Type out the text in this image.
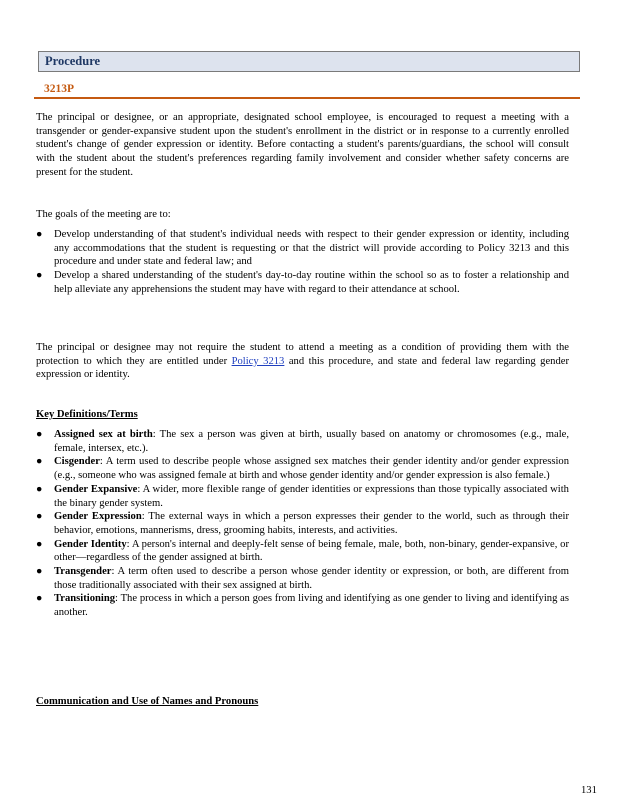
Procedure
3213P

The principal or designee, or an appropriate, designated school employee, is encouraged to request a meeting with a transgender or gender-expansive student upon the student's enrollment in the district or in response to a currently enrolled student's change of gender expression or identity. Before contacting a student's parents/guardians, the school will consult with the student about the student's preferences regarding family involvement and consider whether safety concerns are present for the student.

The goals of the meeting are to:

● Develop understanding of that student's individual needs with respect to their gender expression or identity, including any accommodations that the student is requesting or that the district will provide according to Policy 3213 and this procedure and under state and federal law; and
● Develop a shared understanding of the student's day-to-day routine within the school so as to foster a relationship and help alleviate any apprehensions the student may have with regard to their attendance at school.

The principal or designee may not require the student to attend a meeting as a condition of providing them with the protection to which they are entitled under Policy 3213 and this procedure, and state and federal law regarding gender expression or identity.

Key Definitions/Terms
● Assigned sex at birth: The sex a person was given at birth, usually based on anatomy or chromosomes (e.g., male, female, intersex, etc.).
● Cisgender: A term used to describe people whose assigned sex matches their gender identity and/or gender expression (e.g., someone who was assigned female at birth and whose gender identity and/or gender expression is also female.)
● Gender Expansive: A wider, more flexible range of gender identities or expressions than those typically associated with the binary gender system.
● Gender Expression: The external ways in which a person expresses their gender to the world, such as through their behavior, emotions, mannerisms, dress, grooming habits, interests, and activities.
● Gender Identity: A person's internal and deeply-felt sense of being female, male, both, non-binary, gender-expansive, or other—regardless of the gender assigned at birth.
● Transgender: A term often used to describe a person whose gender identity or expression, or both, are different from those traditionally associated with their sex assigned at birth.
● Transitioning: The process in which a person goes from living and identifying as one gender to living and identifying as another.
Communication and Use of Names and Pronouns
131
